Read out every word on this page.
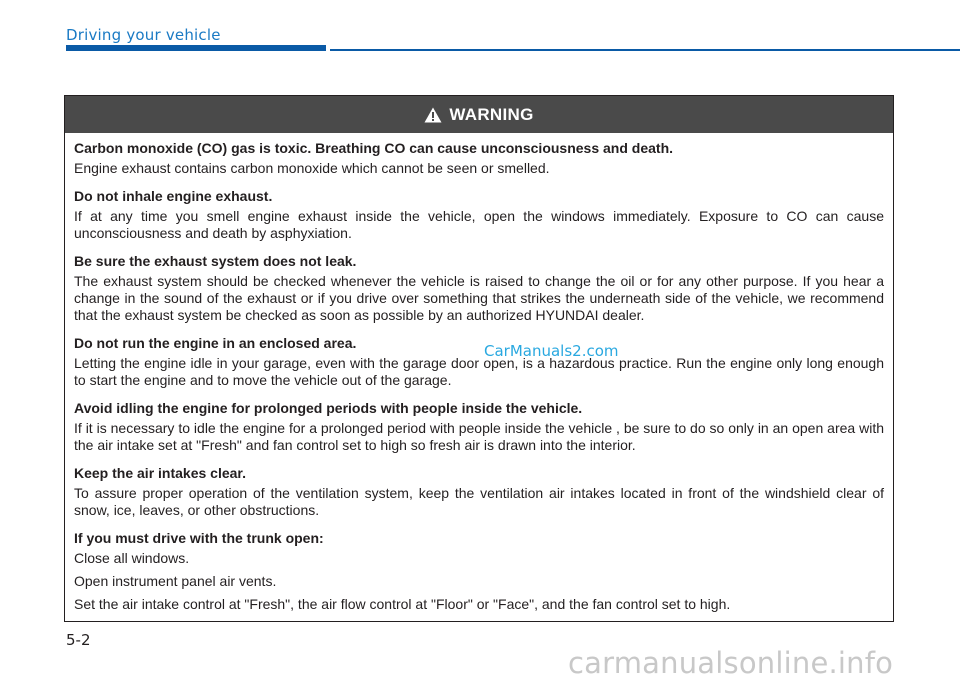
Driving your vehicle
WARNING

Carbon monoxide (CO) gas is toxic. Breathing CO can cause unconsciousness and death.

Engine exhaust contains carbon monoxide which cannot be seen or smelled.

Do not inhale engine exhaust.

If at any time you smell engine exhaust inside the vehicle, open the windows immediately. Exposure to CO can cause unconsciousness and death by asphyxiation.

Be sure the exhaust system does not leak.

The exhaust system should be checked whenever the vehicle is raised to change the oil or for any other purpose. If you hear a change in the sound of the exhaust or if you drive over something that strikes the underneath side of the vehicle, we recommend that the exhaust system be checked as soon as possible by an authorized HYUNDAI dealer.

Do not run the engine in an enclosed area.

Letting the engine idle in your garage, even with the garage door open, is a hazardous practice. Run the engine only long enough to start the engine and to move the vehicle out of the garage.

Avoid idling the engine for prolonged periods with people inside the vehicle.

If it is necessary to idle the engine for a prolonged period with people inside the vehicle , be sure to do so only in an open area with the air intake set at "Fresh" and fan control set to high so fresh air is drawn into the interior.

Keep the air intakes clear.

To assure proper operation of the ventilation system, keep the ventilation air intakes located in front of the windshield clear of snow, ice, leaves, or other obstructions.

If you must drive with the trunk open:

Close all windows.

Open instrument panel air vents.

Set the air intake control at "Fresh", the air flow control at "Floor" or "Face", and the fan control set to high.

CarManuals2.com
5-2
carmanualsonline.info
